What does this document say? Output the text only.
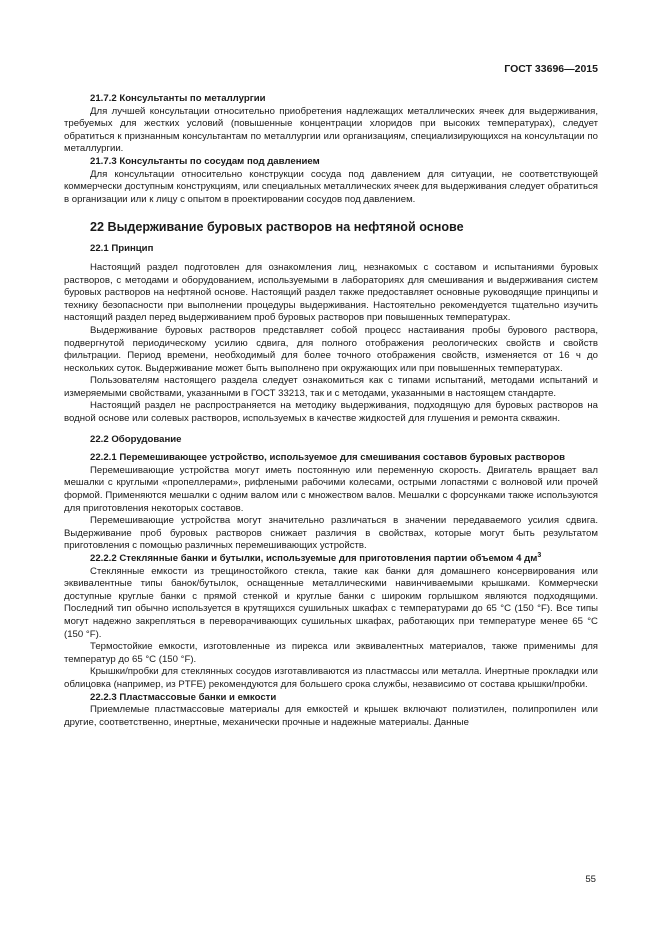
ГОСТ 33696—2015

21.7.2 Консультанты по металлургии

Для лучшей консультации относительно приобретения надлежащих металлических ячеек для выдерживания, требуемых для жестких условий (повышенные концентрации хлоридов при высоких температурах), следует обратиться к признанным консультантам по металлургии или организациям, специализирующихся на консультации по металлургии.

21.7.3 Консультанты по сосудам под давлением

Для консультации относительно конструкции сосуда под давлением для ситуации, не соответствующей коммерчески доступным конструкциям, или специальных металлических ячеек для выдерживания следует обратиться в организации или к лицу с опытом в проектировании сосудов под давлением.

22 Выдерживание буровых растворов на нефтяной основе

22.1 Принцип

Настоящий раздел подготовлен для ознакомления лиц, незнакомых с составом и испытаниями буровых растворов, с методами и оборудованием, используемыми в лабораториях для смешивания и выдерживания систем буровых растворов на нефтяной основе. Настоящий раздел также предоставляет основные руководящие принципы и технику безопасности при выполнении процедуры выдерживания. Настоятельно рекомендуется тщательно изучить настоящий раздел перед выдерживанием проб буровых растворов при повышенных температурах.

Выдерживание буровых растворов представляет собой процесс настаивания пробы бурового раствора, подвергнутой периодическому усилию сдвига, для полного отображения реологических свойств и свойств фильтрации. Период времени, необходимый для более точного отображения свойств, изменяется от 16 ч до нескольких суток. Выдерживание может быть выполнено при окружающих или при повышенных температурах.

Пользователям настоящего раздела следует ознакомиться как с типами испытаний, методами испытаний и измеряемыми свойствами, указанными в ГОСТ 33213, так и с методами, указанными в настоящем стандарте.

Настоящий раздел не распространяется на методику выдерживания, подходящую для буровых растворов на водной основе или солевых растворов, используемых в качестве жидкостей для глушения и ремонта скважин.

22.2 Оборудование

22.2.1 Перемешивающее устройство, используемое для смешивания составов буровых растворов

Перемешивающие устройства могут иметь постоянную или переменную скорость. Двигатель вращает вал мешалки с круглыми «пропеллерами», рифлеными рабочими колесами, острыми лопастями с волновой или прочей формой. Применяются мешалки с одним валом или с множеством валов. Мешалки с форсунками также используются для приготовления некоторых составов.

Перемешивающие устройства могут значительно различаться в значении передаваемого усилия сдвига. Выдерживание проб буровых растворов снижает различия в свойствах, которые могут быть результатом приготовления с помощью различных перемешивающих устройств.

22.2.2 Стеклянные банки и бутылки, используемые для приготовления партии объемом 4 $дм^3$

Стеклянные емкости из трещиностойкого стекла, такие как банки для домашнего консервирования или эквивалентные типы банок/бутылок, оснащенные металлическими навинчиваемыми крышками. Коммерчески доступные круглые банки с прямой стенкой и круглые банки с широким горлышком являются подходящими. Последний тип обычно используется в крутящихся сушильных шкафах с температурами до 65 °С (150 °F). Все типы могут надежно закрепляться в переворачивающих сушильных шкафах, работающих при температуре менее 65 °С (150 °F).

Термостойкие емкости, изготовленные из пирекса или эквивалентных материалов, также применимы для температур до 65 °С (150 °F).

Крышки/пробки для стеклянных сосудов изготавливаются из пластмассы или металла. Инертные прокладки или облицовка (например, из PTFE) рекомендуются для большего срока службы, независимо от состава крышки/пробки.

22.2.3 Пластмассовые банки и емкости

Приемлемые пластмассовые материалы для емкостей и крышек включают полиэтилен, полипропилен или другие, соответственно, инертные, механически прочные и надежные материалы. Данные

55
